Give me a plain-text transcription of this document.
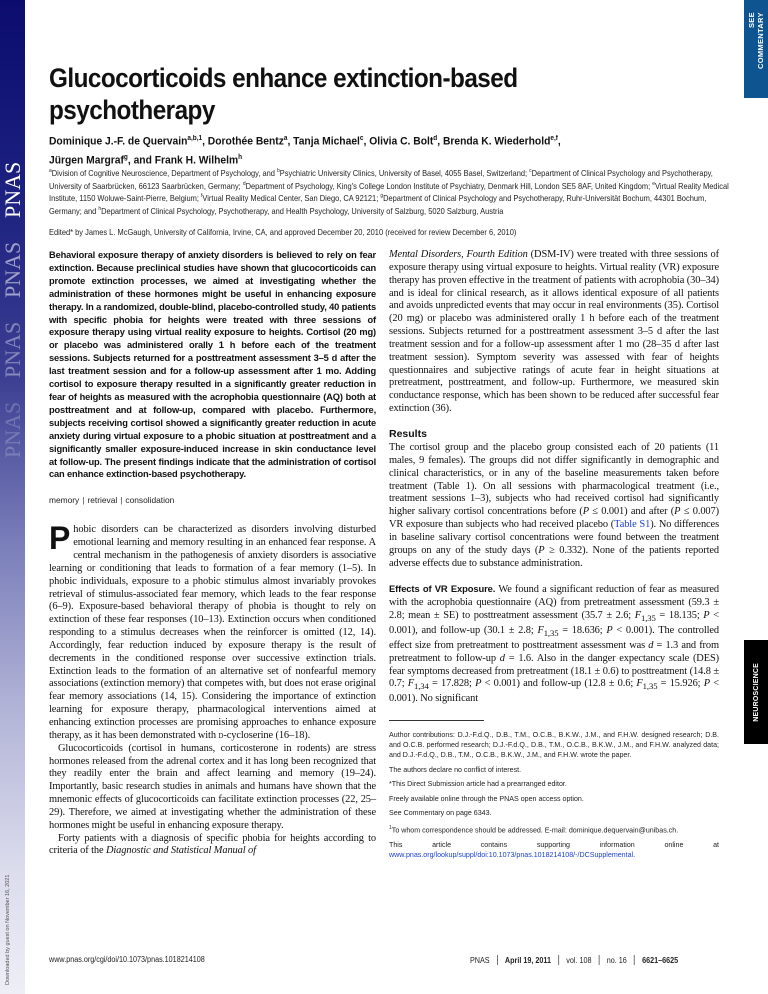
PNAS
PNAS
PNAS
PNAS
Downloaded by guest on November 16, 2021
SEE COMMENTARY
NEUROSCIENCE
Glucocorticoids enhance extinction-based
psychotherapy
Dominique J.-F. de Quervain$^{a,b,1}$, Dorothée Bentz$^a$, Tanja Michael$^c$, Olivia C. Bolt$^d$, Brenda K. Wiederhold$^{e,f}$,
Jürgen Margraf$^g$, and Frank H. Wilhelm$^h$
$^a$Division of Cognitive Neuroscience, Department of Psychology, and $^b$Psychiatric University Clinics, University of Basel, 4055 Basel, Switzerland; $^c$Department of Clinical Psychology and Psychotherapy, University of Saarbrücken, 66123 Saarbrücken, Germany; $^d$Department of Psychology, King's College London Institute of Psychiatry, Denmark Hill, London SE5 8AF, United Kingdom; $^e$Virtual Reality Medical Institute, 1150 Woluwe-Saint-Pierre, Belgium; $^f$Virtual Reality Medical Center, San Diego, CA 92121; $^g$Department of Clinical Psychology and Psychotherapy, Ruhr-Universität Bochum, 44301 Bochum, Germany; and $^h$Department of Clinical Psychology, Psychotherapy, and Health Psychology, University of Salzburg, 5020 Salzburg, Austria
Edited* by James L. McGaugh, University of California, Irvine, CA, and approved December 20, 2010 (received for review December 6, 2010)

Behavioral exposure therapy of anxiety disorders is believed to rely on fear extinction. Because preclinical studies have shown that glucocorticoids can promote extinction processes, we aimed at investigating whether the administration of these hormones might be useful in enhancing exposure therapy. In a randomized, double-blind, placebo-controlled study, 40 patients with specific phobia for heights were treated with three sessions of exposure therapy using virtual reality exposure to heights. Cortisol (20 mg) or placebo was administered orally 1 h before each of the treatment sessions. Subjects returned for a posttreatment assessment 3–5 d after the last treatment session and for a follow-up assessment after 1 mo. Adding cortisol to exposure therapy resulted in a significantly greater reduction in fear of heights as measured with the acrophobia questionnaire (AQ) both at posttreatment and at follow-up, compared with placebo. Furthermore, subjects receiving cortisol showed a significantly greater reduction in acute anxiety during virtual exposure to a phobic situation at posttreatment and a significantly smaller exposure-induced increase in skin conductance level at follow-up. The present findings indicate that the administration of cortisol can enhance extinction-based psychotherapy.

memory | retrieval | consolidation

Phobic disorders can be characterized as disorders involving disturbed emotional learning and memory resulting in an enhanced fear response. A central mechanism in the pathogenesis of anxiety disorders is associative learning or conditioning that leads to formation of a fear memory (1–5). In phobic individuals, exposure to a phobic stimulus almost invariably provokes retrieval of stimulus-associated fear memory, which leads to the fear response (6–9). Exposure-based behavioral therapy of phobia is thought to rely on extinction of these fear responses (10–13). Extinction occurs when conditioned responding to a stimulus decreases when the reinforcer is omitted (12, 14). Accordingly, fear reduction induced by exposure therapy is the result of decrements in the conditioned response over successive extinction trials. Extinction leads to the formation of an alternative set of nonfearful memory associations (extinction memory) that competes with, but does not erase original fear memory associations (14, 15). Considering the importance of extinction learning for exposure therapy, pharmacological interventions aimed at enhancing extinction processes are promising approaches to enhance exposure therapy, as it has been demonstrated with d-cycloserine (16–18).

Glucocorticoids (cortisol in humans, corticosterone in rodents) are stress hormones released from the adrenal cortex and it has long been recognized that they readily enter the brain and affect learning and memory (19–24). Importantly, basic research studies in animals and humans have shown that the mnemonic effects of glucocorticoids can facilitate extinction processes (22, 25–29). Therefore, we aimed at investigating whether the administration of these hormones might be useful in enhancing exposure therapy.

Forty patients with a diagnosis of specific phobia for heights according to criteria of the Diagnostic and Statistical Manual of

Mental Disorders, Fourth Edition (DSM-IV) were treated with three sessions of exposure therapy using virtual exposure to heights. Virtual reality (VR) exposure therapy has proven effective in the treatment of patients with acrophobia (30–34) and is ideal for clinical research, as it allows identical exposure of all patients and avoids unpredicted events that may occur in real environments (35). Cortisol (20 mg) or placebo was administered orally 1 h before each of the treatment sessions. Subjects returned for a posttreatment assessment 3–5 d after the last treatment session and for a follow-up assessment after 1 mo (28–35 d after last treatment session). Symptom severity was assessed with fear of heights questionnaires and subjective ratings of acute fear in height situations at pretreatment, posttreatment, and follow-up. Furthermore, we measured skin conductance response, which has been shown to be reduced after successful fear extinction (36).

Results

The cortisol group and the placebo group consisted each of 20 patients (11 males, 9 females). The groups did not differ significantly in demographic and clinical characteristics, or in any of the baseline measurements taken before treatment (Table 1). On all sessions with pharmacological treatment (i.e., treatment sessions 1–3), subjects who had received cortisol had significantly higher salivary cortisol concentrations before (P ≤ 0.001) and after (P ≤ 0.007) VR exposure than subjects who had received placebo (Table S1). No differences in baseline salivary cortisol concentrations were found between the treatment groups on any of the study days (P ≥ 0.332). None of the patients reported adverse effects due to substance administration.

Effects of VR Exposure. We found a significant reduction of fear as measured with the acrophobia questionnaire (AQ) from pretreatment assessment (59.3 ± 2.8; mean ± SE) to posttreatment assessment (35.7 ± 2.6; $F_{1,35} = 18.135$; P < 0.001), and follow-up (30.1 ± 2.8; $F_{1,35} = 18.636$; P < 0.001). The controlled effect size from pretreatment to posttreatment assessment was d = 1.3 and from pretreatment to follow-up d = 1.6. Also in the danger expectancy scale (DES) fear symptoms decreased from pretreatment (18.1 ± 0.6) to posttreatment (14.8 ± 0.7; $F_{1,34} = 17.828$; P < 0.001) and follow-up (12.8 ± 0.6; $F_{1,35} = 15.926$; P < 0.001). No significant

Author contributions: D.J.-F.d.Q., D.B., T.M., O.C.B., B.K.W., J.M., and F.H.W. designed research; D.B. and O.C.B. performed research; D.J.-F.d.Q., D.B., T.M., O.C.B., B.K.W., J.M., and F.H.W. analyzed data; and D.J.-F.d.Q., D.B., T.M., O.C.B., B.K.W., J.M., and F.H.W. wrote the paper.

The authors declare no conflict of interest.

*This Direct Submission article had a prearranged editor.

Freely available online through the PNAS open access option.

See Commentary on page 6343.

$^1$To whom correspondence should be addressed. E-mail: dominique.dequervain@unibas.ch.

This article contains supporting information online at www.pnas.org/lookup/suppl/doi:10.1073/pnas.1018214108/-/DCSupplemental.

www.pnas.org/cgi/doi/10.1073/pnas.1018214108	PNAS April 19, 2011 vol. 108 no. 16 6621–6625
